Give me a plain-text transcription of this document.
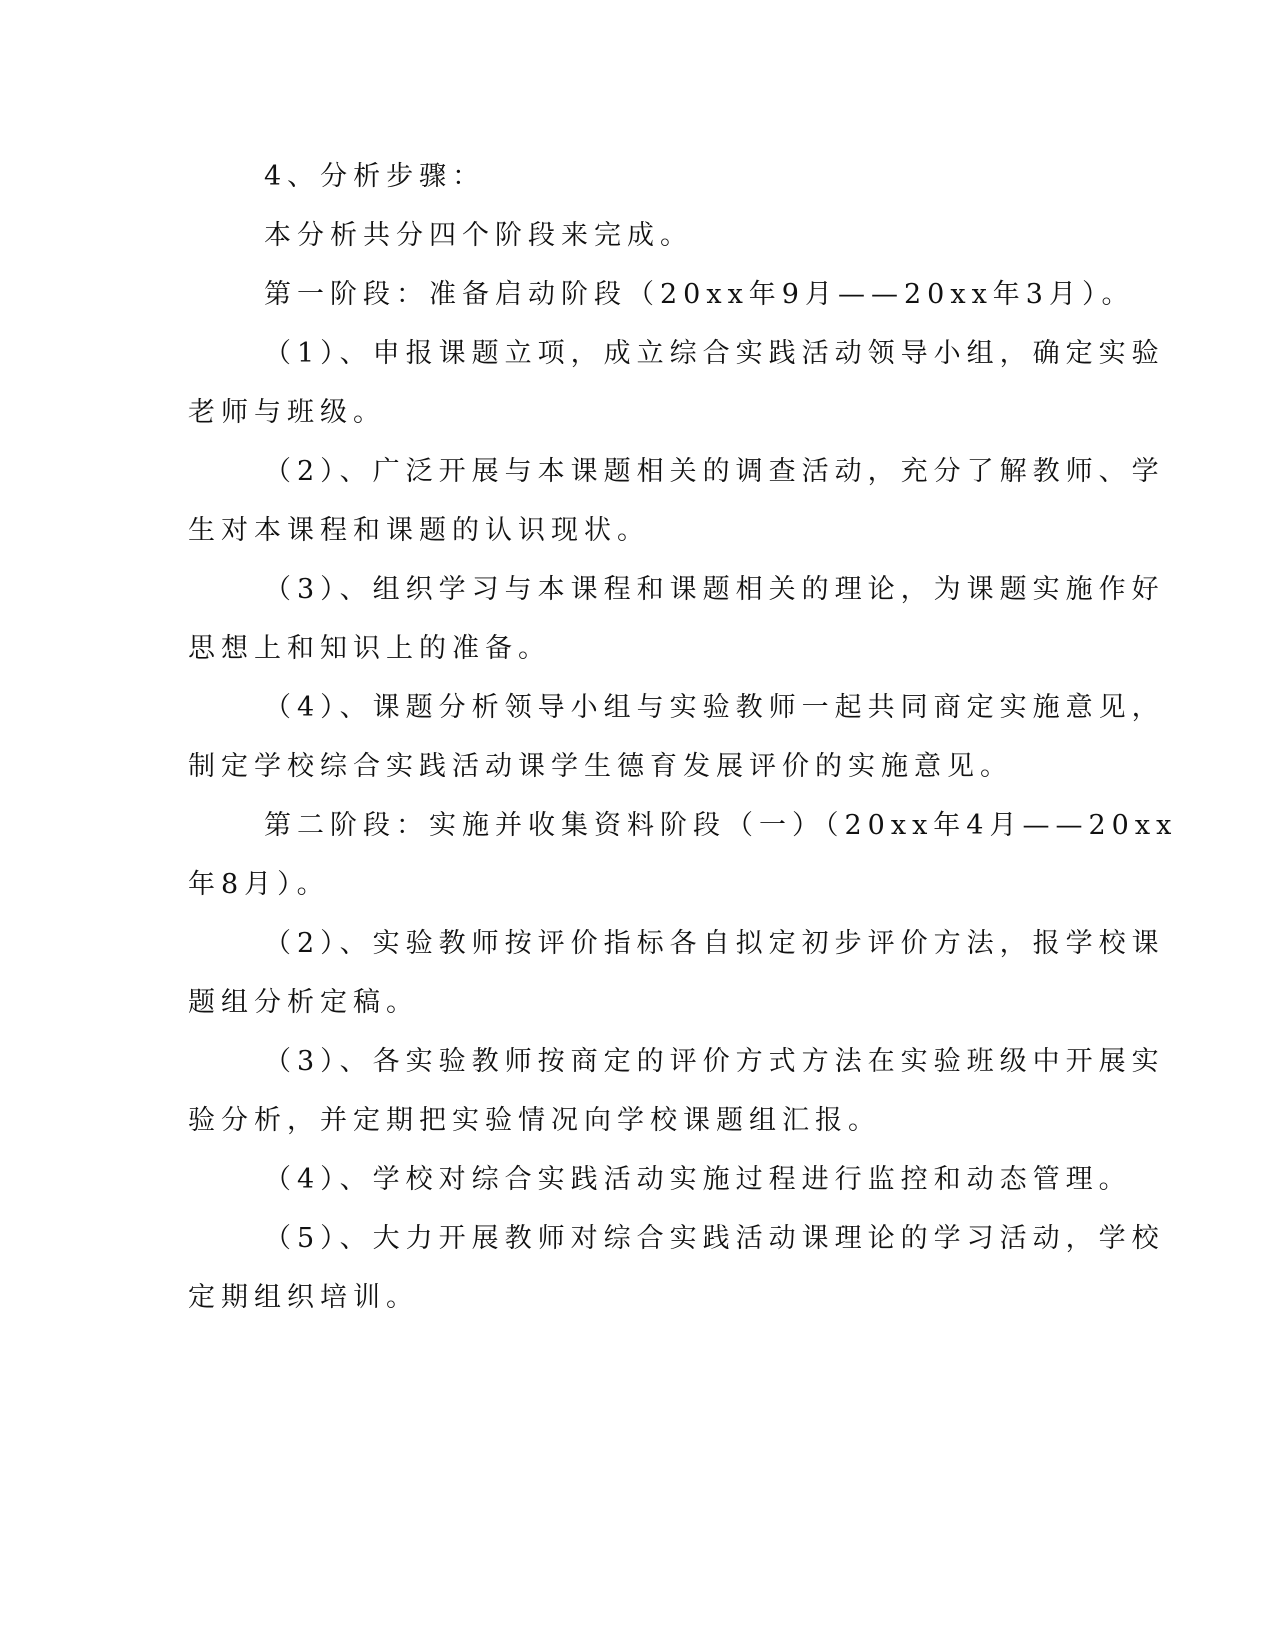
4、分析步骤：
本分析共分四个阶段来完成。
第一阶段：准备启动阶段（20xx年9月——20xx年3月）。
（1）、申报课题立项，成立综合实践活动领导小组，确定实验
老师与班级。
（2）、广泛开展与本课题相关的调查活动，充分了解教师、学
生对本课程和课题的认识现状。
（3）、组织学习与本课程和课题相关的理论，为课题实施作好
思想上和知识上的准备。
（4）、课题分析领导小组与实验教师一起共同商定实施意见，
制定学校综合实践活动课学生德育发展评价的实施意见。
第二阶段：实施并收集资料阶段（一）（20xx年4月——20xx
年8月）。
（2）、实验教师按评价指标各自拟定初步评价方法，报学校课
题组分析定稿。
（3）、各实验教师按商定的评价方式方法在实验班级中开展实
验分析，并定期把实验情况向学校课题组汇报。
（4）、学校对综合实践活动实施过程进行监控和动态管理。
（5）、大力开展教师对综合实践活动课理论的学习活动，学校
定期组织培训。
